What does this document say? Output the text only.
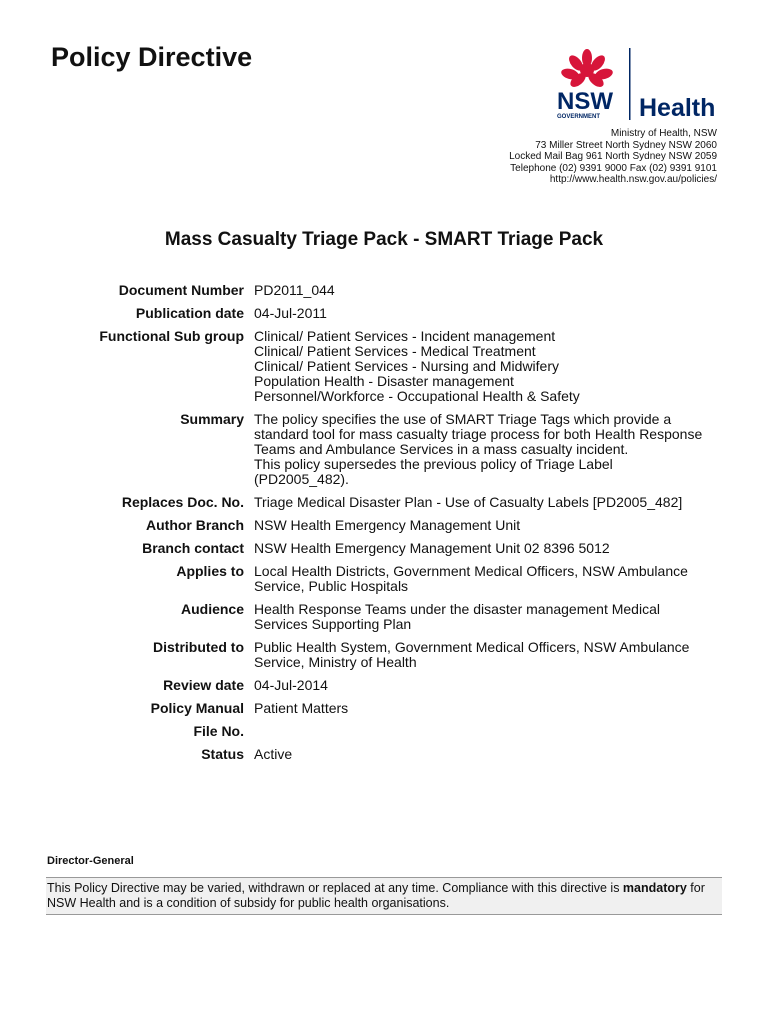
Policy Directive
NSW
GOVERNMENT Health
Ministry of Health, NSW
73 Miller Street North Sydney NSW 2060
Locked Mail Bag 961 North Sydney NSW 2059
Telephone (02) 9391 9000 Fax (02) 9391 9101
http://www.health.nsw.gov.au/policies/
Mass Casualty Triage Pack - SMART Triage Pack
Document Number PD2011_044
Publication date 04-Jul-2011
Functional Sub group Clinical/ Patient Services - Incident management
Clinical/ Patient Services - Medical Treatment
Clinical/ Patient Services - Nursing and Midwifery
Population Health - Disaster management
Personnel/Workforce - Occupational Health & Safety
Summary The policy specifies the use of SMART Triage Tags which provide a
standard tool for mass casualty triage process for both Health Response
Teams and Ambulance Services in a mass casualty incident.
This policy supersedes the previous policy of Triage Label
(PD2005_482).
Replaces Doc. No. Triage Medical Disaster Plan - Use of Casualty Labels [PD2005_482]
Author Branch NSW Health Emergency Management Unit
Branch contact NSW Health Emergency Management Unit 02 8396 5012
Applies to Local Health Districts, Government Medical Officers, NSW Ambulance
Service, Public Hospitals
Audience Health Response Teams under the disaster management Medical
Services Supporting Plan
Distributed to Public Health System, Government Medical Officers, NSW Ambulance
Service, Ministry of Health
Review date 04-Jul-2014
Policy Manual Patient Matters
File No.

Status Active
Director-General
This Policy Directive may be varied, withdrawn or replaced at any time. Compliance with this directive is mandatory for NSW Health and is a condition of subsidy for public health organisations.
